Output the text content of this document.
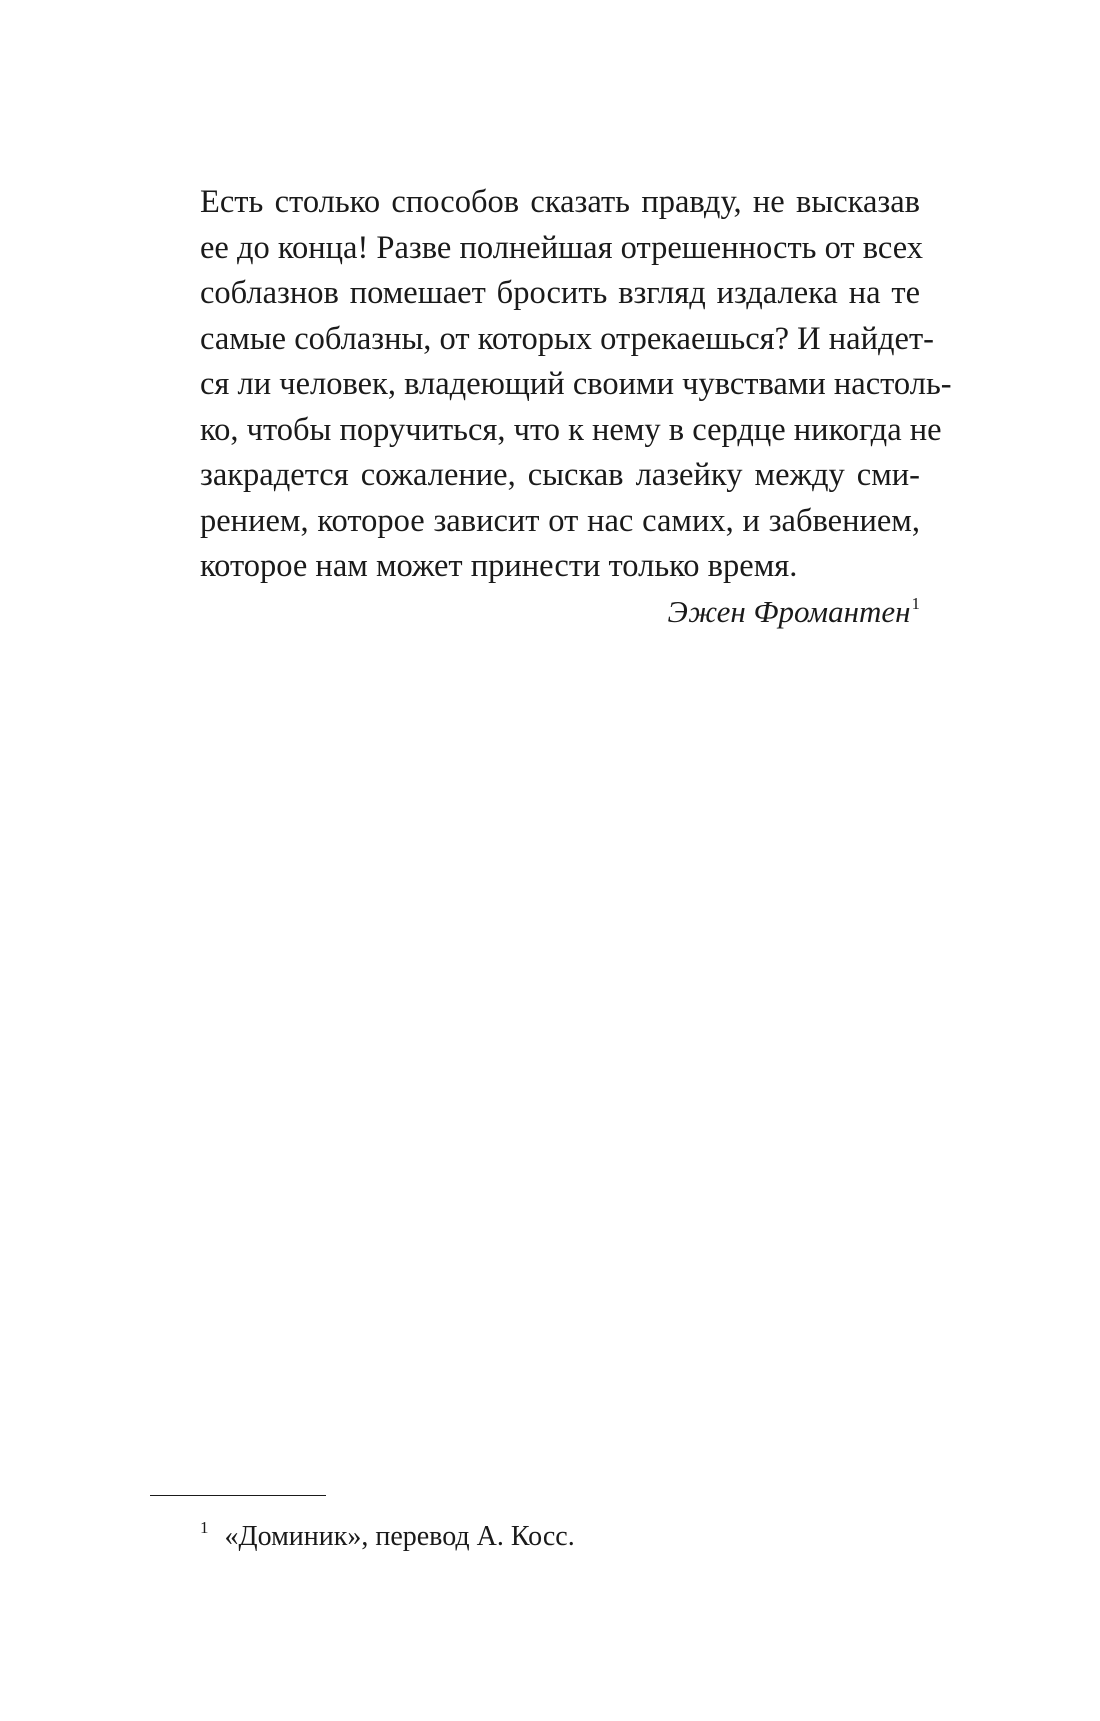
Есть столько способов сказать правду, не высказав
ее до конца! Разве полнейшая отрешенность от всех
соблазнов помешает бросить взгляд издалека на те
самые соблазны, от которых отрекаешься? И найдет-
ся ли человек, владеющий своими чувствами настоль-
ко, чтобы поручиться, что к нему в сердце никогда не
закрадется сожаление, сыскав лазейку между сми-
рением, которое зависит от нас самих, и забвением,
которое нам может принести только время.
Эжен Фромантен$^1$
$^1$ «Доминик», перевод А. Косс.
